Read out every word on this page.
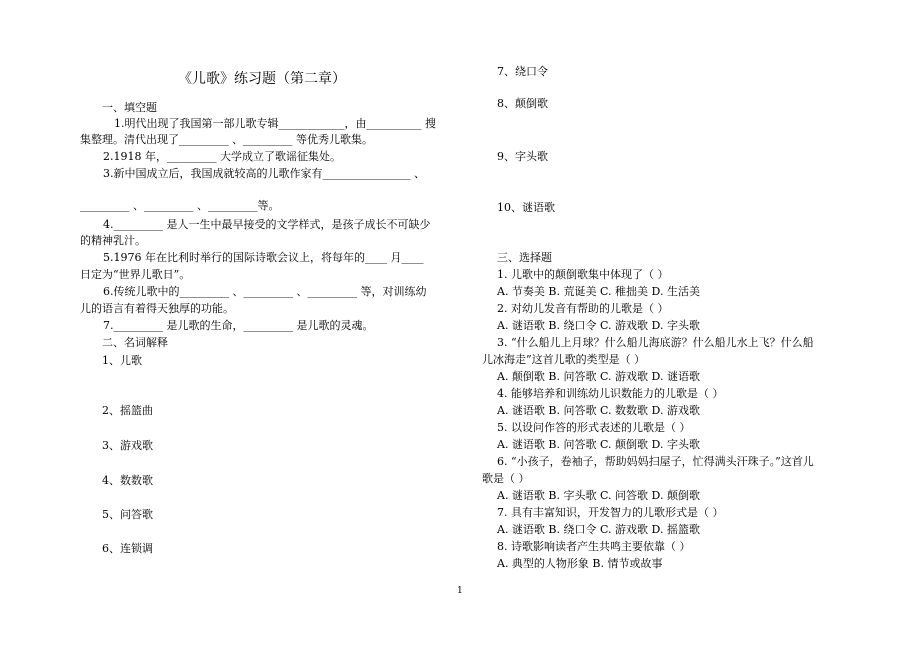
《儿歌》练习题（第二章）
一、填空题
1.明代出现了我国第一部儿歌专辑____________，由__________ 搜
集整理。清代出现了_________ 、_________ 等优秀儿歌集。
2.1918 年，_________ 大学成立了歌谣征集处。
3.新中国成立后，我国成就较高的儿歌作家有________________ 、
_________ 、_________ 、_________等。
4._________ 是人一生中最早接受的文学样式，是孩子成长不可缺少
的精神乳汁。
5.1976 年在比利时举行的国际诗歌会议上，将每年的____ 月____
日定为“世界儿歌日”。
6.传统儿歌中的_________ 、_________ 、_________ 等，对训练幼
儿的语言有着得天独厚的功能。
7._________ 是儿歌的生命，_________ 是儿歌的灵魂。
二、名词解释
1、儿歌
2、摇篮曲
3、游戏歌
4、数数歌
5、问答歌
6、连锁调
7、绕口令
8、颠倒歌
9、字头歌
10、谜语歌
三、选择题
1. 儿歌中的颠倒歌集中体现了（ ）
A. 节奏美 B. 荒诞美 C. 稚拙美 D. 生活美
2. 对幼儿发音有帮助的儿歌是（ ）
A. 谜语歌 B. 绕口令 C. 游戏歌 D. 字头歌
3. “什么船儿上月球？什么船儿海底游？什么船儿水上飞？什么船
儿冰海走”这首儿歌的类型是（ ）
A. 颠倒歌 B. 问答歌 C. 游戏歌 D. 谜语歌
4. 能够培养和训练幼儿识数能力的儿歌是（ ）
A. 谜语歌 B. 问答歌 C. 数数歌 D. 游戏歌
5. 以设问作答的形式表述的儿歌是（ ）
A. 谜语歌 B. 问答歌 C. 颠倒歌 D. 字头歌
6. “小孩子，卷袖子，帮助妈妈扫屋子，忙得满头汗珠子。”这首儿
歌是（ ）
A. 谜语歌 B. 字头歌 C. 问答歌 D. 颠倒歌
7. 具有丰富知识，开发智力的儿歌形式是（ ）
A. 谜语歌 B. 绕口令 C. 游戏歌 D. 摇篮歌
8. 诗歌影响读者产生共鸣主要依靠（ ）
A. 典型的人物形象 B. 情节或故事
1
